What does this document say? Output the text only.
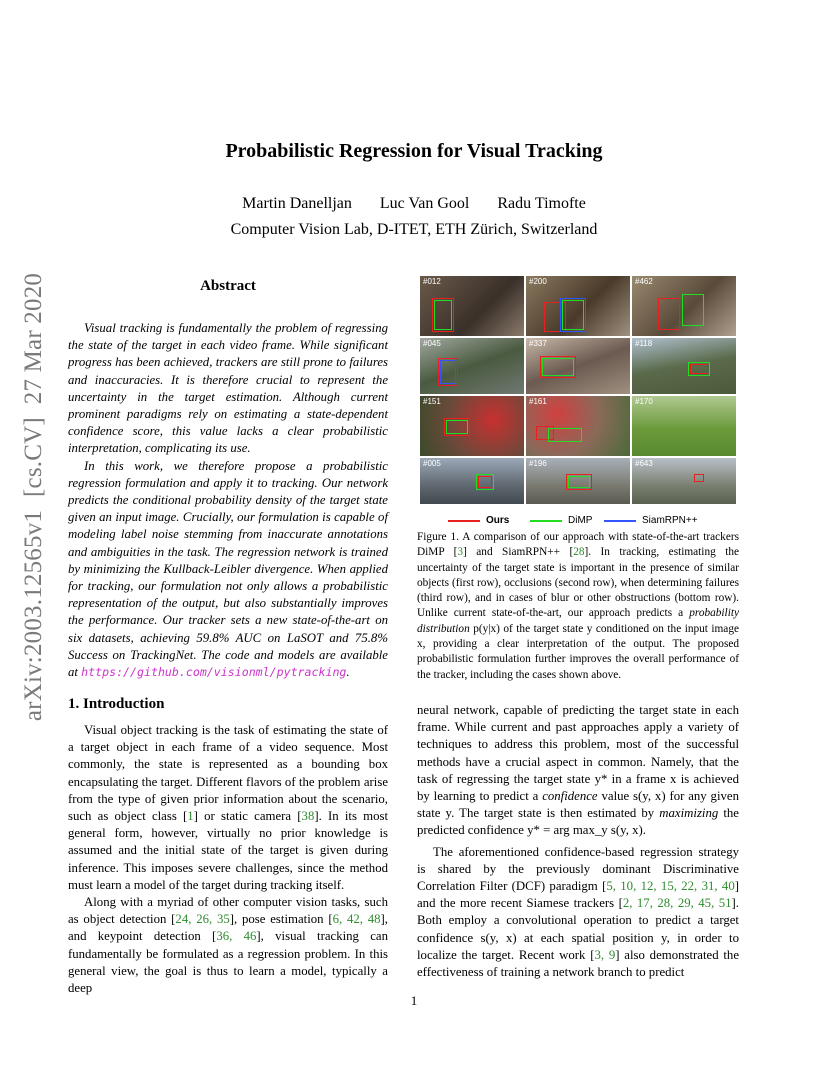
Probabilistic Regression for Visual Tracking
Martin Danelljan Luc Van Gool Radu Timofte
Computer Vision Lab, D-ITET, ETH Zürich, Switzerland
arXiv:2003.12565v1  [cs.CV]  27 Mar 2020	Abstract

Visual tracking is fundamentally the problem of regressing the state of the target in each video frame. While significant progress has been achieved, trackers are still prone to failures and inaccuracies. It is therefore crucial to represent the uncertainty in the target estimation. Although current prominent paradigms rely on estimating a state-dependent confidence score, this value lacks a clear probabilistic interpretation, complicating its use.

In this work, we therefore propose a probabilistic regression formulation and apply it to tracking. Our network predicts the conditional probability density of the target state given an input image. Crucially, our formulation is capable of modeling label noise stemming from inaccurate annotations and ambiguities in the task. The regression network is trained by minimizing the Kullback-Leibler divergence. When applied for tracking, our formulation not only allows a probabilistic representation of the output, but also substantially improves the performance. Our tracker sets a new state-of-the-art on six datasets, achieving 59.8% AUC on LaSOT and 75.8% Success on TrackingNet. The code and models are available at https://github.com/visionml/pytracking.

1. Introduction

Visual object tracking is the task of estimating the state of a target object in each frame of a video sequence. Most commonly, the state is represented as a bounding box encapsulating the target. Different flavors of the problem arise from the type of given prior information about the scenario, such as object class [1] or static camera [38]. In its most general form, however, virtually no prior knowledge is assumed and the initial state of the target is given during inference. This imposes severe challenges, since the method must learn a model of the target during tracking itself.

Along with a myriad of other computer vision tasks, such as object detection [24, 26, 35], pose estimation [6, 42, 48], and keypoint detection [36, 46], visual tracking can fundamentally be formulated as a regression problem. In this general view, the goal is thus to learn a model, typically a deep

#012	#200	#462
#045	#337	#118
#151	#161	#170
#005	#196	#643
Ours	DiMP	SiamRPN++

Figure 1. A comparison of our approach with state-of-the-art trackers DiMP [3] and SiamRPN++ [28]. In tracking, estimating the uncertainty of the target state is important in the presence of similar objects (first row), occlusions (second row), when determining failures (third row), and in cases of blur or other obstructions (bottom row). Unlike current state-of-the-art, our approach predicts a probability distribution p(y|x) of the target state y conditioned on the input image x, providing a clear interpretation of the output. The proposed probabilistic formulation further improves the overall performance of the tracker, including the cases shown above.

neural network, capable of predicting the target state in each frame. While current and past approaches apply a variety of techniques to address this problem, most of the successful methods have a crucial aspect in common. Namely, that the task of regressing the target state y* in a frame x is achieved by learning to predict a confidence value s(y, x) for any given state y. The target state is then estimated by maximizing the predicted confidence y* = arg max_y s(y, x).

The aforementioned confidence-based regression strategy is shared by the previously dominant Discriminative Correlation Filter (DCF) paradigm [5, 10, 12, 15, 22, 31, 40] and the more recent Siamese trackers [2, 17, 28, 29, 45, 51]. Both employ a convolutional operation to predict a target confidence s(y, x) at each spatial position y, in order to localize the target. Recent work [3, 9] also demonstrated the effectiveness of training a network branch to predict

1
